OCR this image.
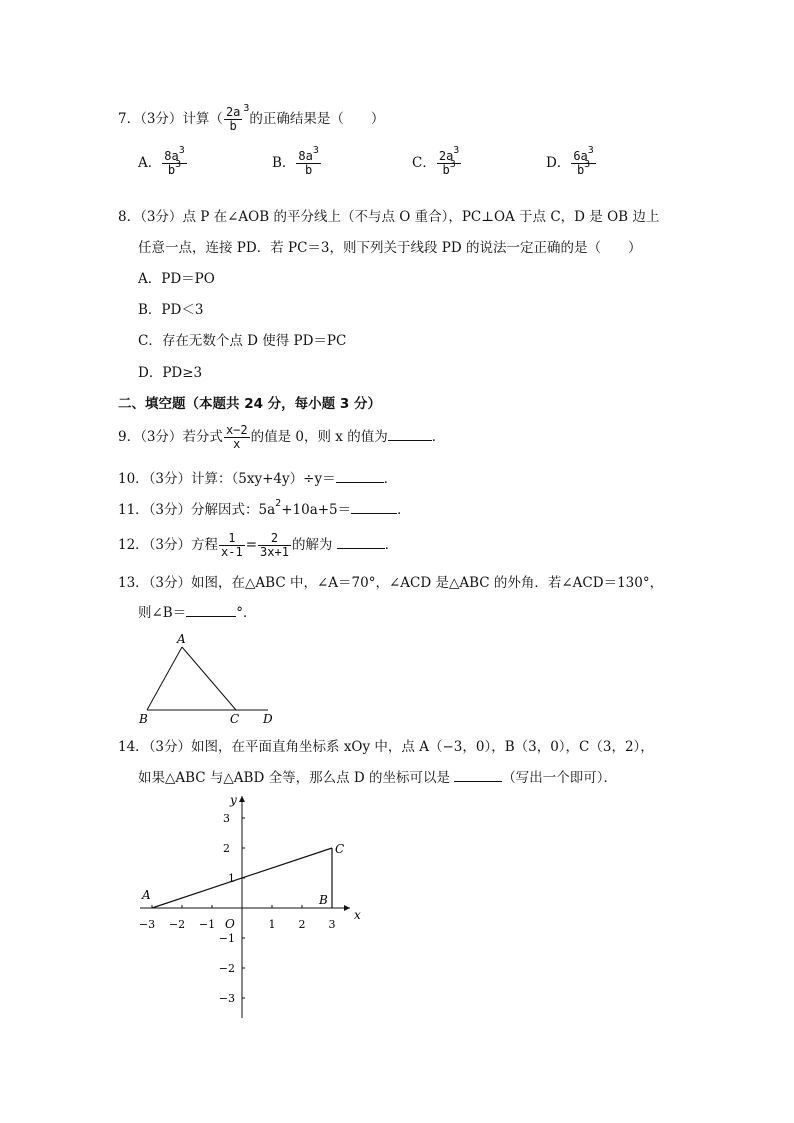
7．（3分）计算（ $\frac{2a}{b} ^3$的正确结果是（　　）
A． $\frac{8a^3}{b^3}$	B． $\frac{8a^3}{b}$	C． $\frac{2a^3}{b^3}$	D． $\frac{6a^3}{b^3}$
8．（3分）点 P 在∠AOB 的平分线上（不与点 O 重合），PC⊥OA 于点 C，D 是 OB 边上
任意一点，连接 PD．若 PC＝3，则下列关于线段 PD 的说法一定正确的是（　　）
A．PD＝PO
B．PD＜3
C．存在无数个点 D 使得 PD＝PC
D．PD≥3
二、填空题（本题共 24 分，每小题 3 分）
9．（3分）若分式 $\frac{x-2}{x}$ 的值是 0，则 x 的值为	．
10．（3分）计算：（5xy+4y）÷y＝	．
11．（3分）分解因式：$5a^2+10a+5=$	．
12．（3分）方程 $\frac{1}{x-1} = \frac{2}{3x+1}$ 的解为	．
13．（3分）如图，在△ABC 中，∠A＝70°，∠ACD 是△ABC 的外角．若∠ACD＝130°，
则∠B＝	°．
A
B	C D
14．（3分）如图，在平面直角坐标系 xOy 中，点 A（−3，0），B（3，0），C（3，2），
如果△ABC 与△ABD 全等，那么点 D 的坐标可以是	（写出一个即可）．
x
y
O
−3 −2 −1	1 2 3
3
2
1
−1
−2
−3
A	B
C
